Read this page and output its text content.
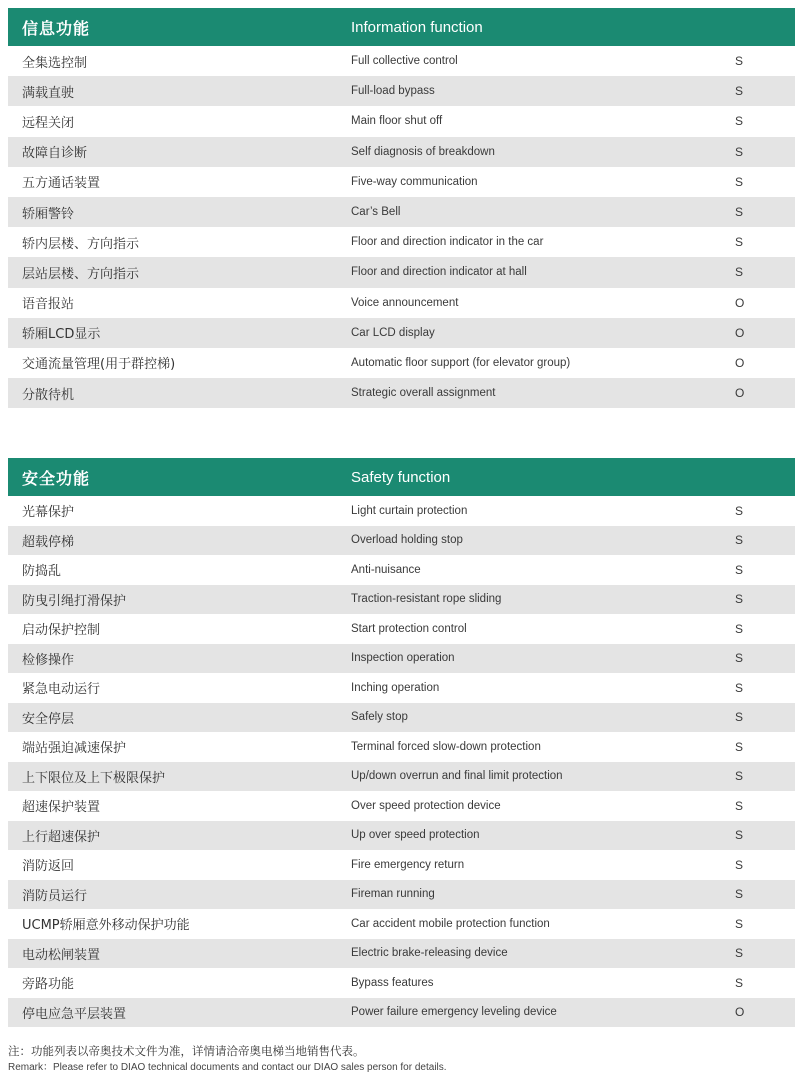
信息功能	Information function
全集选控制	Full collective control	S
满载直驶	Full-load bypass	S
远程关闭	Main floor shut off	S
故障自诊断	Self diagnosis of breakdown	S
五方通话装置	Five-way communication	S
轿厢警铃	Car’s Bell	S
轿内层楼、方向指示	Floor and direction indicator in the car	S
层站层楼、方向指示	Floor and direction indicator at hall	S
语音报站	Voice announcement	O
轿厢LCD显示	Car LCD display	O
交通流量管理(用于群控梯)	Automatic floor support (for elevator group)	O
分散待机	Strategic overall assignment	O
安全功能	Safety function
光幕保护	Light curtain protection	S
超载停梯	Overload holding stop	S
防捣乱	Anti-nuisance	S
防曳引绳打滑保护	Traction-resistant rope sliding	S
启动保护控制	Start protection control	S
检修操作	Inspection operation	S
紧急电动运行	Inching operation	S
安全停层	Safely stop	S
端站强迫减速保护	Terminal forced slow-down protection	S
上下限位及上下极限保护	Up/down overrun and final limit protection	S
超速保护装置	Over speed protection device	S
上行超速保护	Up over speed protection	S
消防返回	Fire emergency return	S
消防员运行	Fireman running	S
UCMP轿厢意外移动保护功能	Car accident mobile protection function	S
电动松闸装置	Electric brake-releasing device	S
旁路功能	Bypass features	S
停电应急平层装置	Power failure emergency leveling device	O
注：功能列表以帝奥技术文件为准，详情请洽帝奥电梯当地销售代表。
Remark：Please refer to DIAO technical documents and contact our DIAO sales person for details.
